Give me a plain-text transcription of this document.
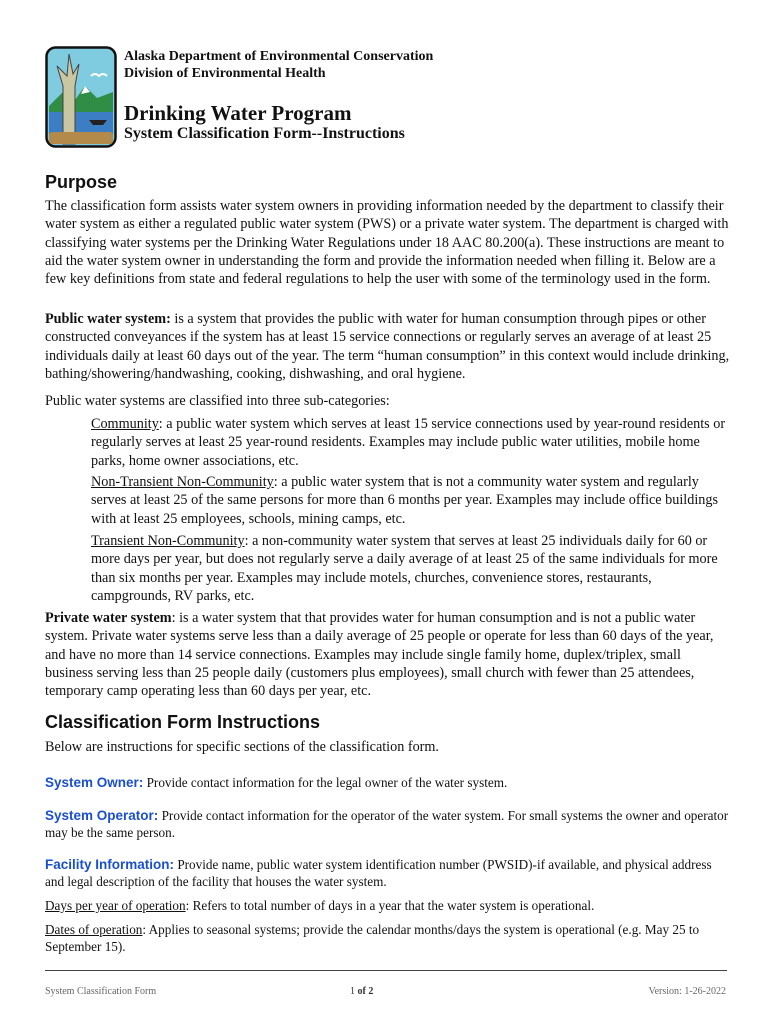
Alaska Department of Environmental Conservation
Division of Environmental Health
Drinking Water Program
System Classification Form--Instructions
Purpose

The classification form assists water system owners in providing information needed by the department to classify their water system as either a regulated public water system (PWS) or a private water system. The department is charged with classifying water systems per the Drinking Water Regulations under 18 AAC 80.200(a). These instructions are meant to aid the water system owner in understanding the form and provide the information needed when filling it. Below are a few key definitions from state and federal regulations to help the user with some of the terminology used in the form.

Public water system: is a system that provides the public with water for human consumption through pipes or other constructed conveyances if the system has at least 15 service connections or regularly serves an average of at least 25 individuals daily at least 60 days out of the year. The term “human consumption” in this context would include drinking, bathing/showering/handwashing, cooking, dishwashing, and oral hygiene.

Public water systems are classified into three sub-categories:

Community: a public water system which serves at least 15 service connections used by year-round residents or regularly serves at least 25 year-round residents. Examples may include public water utilities, mobile home parks, home owner associations, etc.

Non-Transient Non-Community: a public water system that is not a community water system and regularly serves at least 25 of the same persons for more than 6 months per year. Examples may include office buildings with at least 25 employees, schools, mining camps, etc.

Transient Non-Community: a non-community water system that serves at least 25 individuals daily for 60 or more days per year, but does not regularly serve a daily average of at least 25 of the same individuals for more than six months per year. Examples may include motels, churches, convenience stores, restaurants, campgrounds, RV parks, etc.

Private water system: is a water system that that provides water for human consumption and is not a public water system. Private water systems serve less than a daily average of 25 people or operate for less than 60 days of the year, and have no more than 14 service connections. Examples may include single family home, duplex/triplex, small business serving less than 25 people daily (customers plus employees), small church with fewer than 25 attendees, temporary camp operating less than 60 days per year, etc.

Classification Form Instructions

Below are instructions for specific sections of the classification form.

System Owner: Provide contact information for the legal owner of the water system.

System Operator: Provide contact information for the operator of the water system. For small systems the owner and operator may be the same person.

Facility Information: Provide name, public water system identification number (PWSID)-if available, and physical address and legal description of the facility that houses the water system.

Days per year of operation: Refers to total number of days in a year that the water system is operational.

Dates of operation: Applies to seasonal systems; provide the calendar months/days the system is operational (e.g. May 25 to September 15).

System Classification Form	1 of 2	Version: 1-26-2022
